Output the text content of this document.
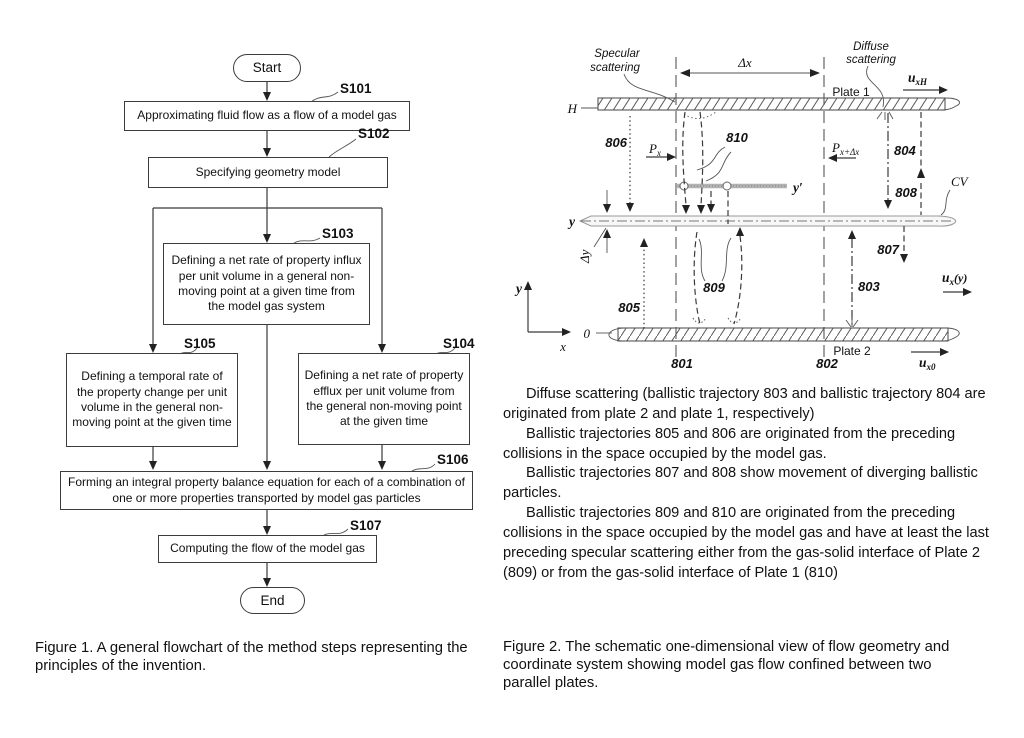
Start
Approximating fluid flow as a flow of a model gas
Specifying geometry model
Defining a net rate of property influx per unit volume in a general non-moving point at a given time from the model gas system
Defining a temporal rate of the property change per unit volume in the general non-moving point at the given time
Defining a net rate of property efflux per unit volume from the general non-moving point at the given time
Forming an integral property balance equation for each of a combination of one or more properties transported by model gas particles
Computing the flow of the model gas
End
S101
S102
S103
S105	S104
S106
S107
H
Plate 1
0
Plate 2
801	802
y
x
Δx
Specular
scattering
Diffuse
scattering
$u_{xH}$
$P_x$	$P_{x+\Delta x}$
806
805
y
CV
Δy
y′
810
809	803
804
808
807
$u_x(y)$
$u_{x0}$

Diffuse scattering (ballistic trajectory 803 and ballistic trajectory 804 are originated from plate 2 and plate 1, respectively)

Ballistic trajectories 805 and 806 are originated from the preceding collisions in the space occupied by the model gas.

Ballistic trajectories 807 and 808 show movement of diverging ballistic particles.

Ballistic trajectories 809 and 810 are originated from the preceding collisions in the space occupied by the model gas and have at least the last preceding specular scattering either from the gas-solid interface of Plate 2 (809) or from the gas-solid interface of Plate 1 (810)

Figure 1. A general flowchart of the method steps representing the principles of the invention.
Figure 2. The schematic one-dimensional view of flow geometry and coordinate system showing model gas flow confined between two parallel plates.
